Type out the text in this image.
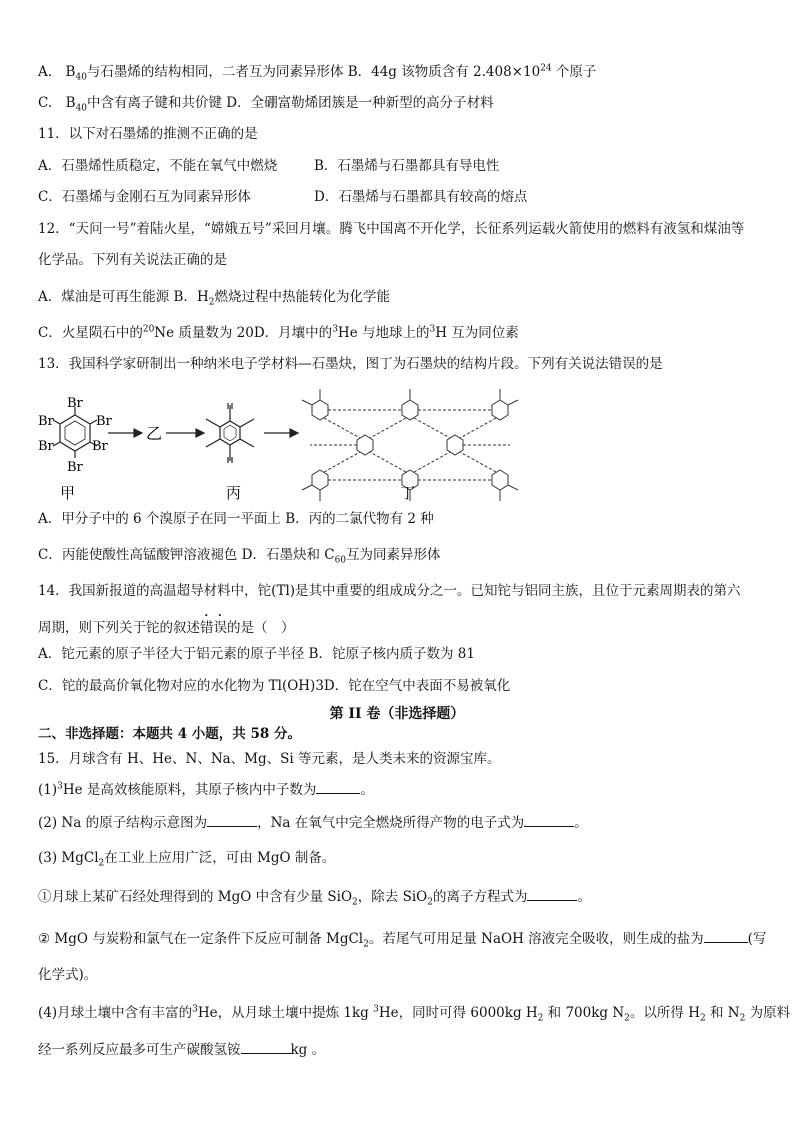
A.　$B_{40}$与石墨烯的结构相同，二者互为同素异形体 B．44g 该物质含有 $2.408\times 10^{24}$ 个原子
C.　$B_{40}$中含有离子键和共价键 D．全硼富勒烯团簇是一种新型的高分子材料
11．以下对石墨烯的推测不正确的是
A．石墨烯性质稳定，不能在氧气中燃烧	B．石墨烯与石墨都具有导电性
C．石墨烯与金刚石互为同素异形体	D．石墨烯与石墨都具有较高的熔点
12．“天问一号”着陆火星，“嫦娥五号”采回月壤。腾飞中国离不开化学，长征系列运载火箭使用的燃料有液氢和煤油等
化学品。下列有关说法正确的是
A．煤油是可再生能源 B．$H_2$燃烧过程中热能转化为化学能
C．火星陨石中的$^{20}$Ne 质量数为 20D．月壤中的$^3$He 与地球上的$^3$H 互为同位素
13．我国科学家研制出一种纳米电子学材料—石墨炔，图丁为石墨炔的结构片段。下列有关说法错误的是
Br
Br
Br
Br
Br
Br
乙
甲	丙	丁
A．甲分子中的 6 个溴原子在同一平面上 B．丙的二氯代物有 2 种
C．丙能使酸性高锰酸钾溶液褪色 D．石墨炔和 $C_{60}$互为同素异形体
14．我国新报道的高温超导材料中，铊(Tl)是其中重要的组成成分之一。已知铊与铝同主族，且位于元素周期表的第六
周期，则下列关于铊的叙述错误的是（　）
A．铊元素的原子半径大于铝元素的原子半径 B．铊原子核内质子数为 81
C．铊的最高价氧化物对应的水化物为 Tl(OH)3D．铊在空气中表面不易被氧化
第 II 卷（非选择题）
二、非选择题：本题共 4 小题，共 58 分。
15．月球含有 H、He、N、Na、Mg、Si 等元素，是人类未来的资源宝库。
$(1)^3He$ 是高效核能原料，其原子核内中子数为	。
(2) Na 的原子结构示意图为	，Na 在氧气中完全燃烧所得产物的电子式为	。
(3) MgCl$_2$在工业上应用广泛，可由 MgO 制备。
①月球上某矿石经处理得到的 MgO 中含有少量 SiO$_2$，除去 SiO$_2$的离子方程式为	。
② MgO 与炭粉和氯气在一定条件下反应可制备 MgCl$_2$。若尾气可用足量 NaOH 溶液完全吸收，则生成的盐为	(写
化学式)。
(4)月球土壤中含有丰富的$^3$He，从月球土壤中提炼 1kg $^3$He，同时可得 6000kg $H_2$ 和 700kg $N_2$。以所得 $H_2$ 和 $N_2$ 为原料
经一系列反应最多可生产碳酸氢铵	kg 。
